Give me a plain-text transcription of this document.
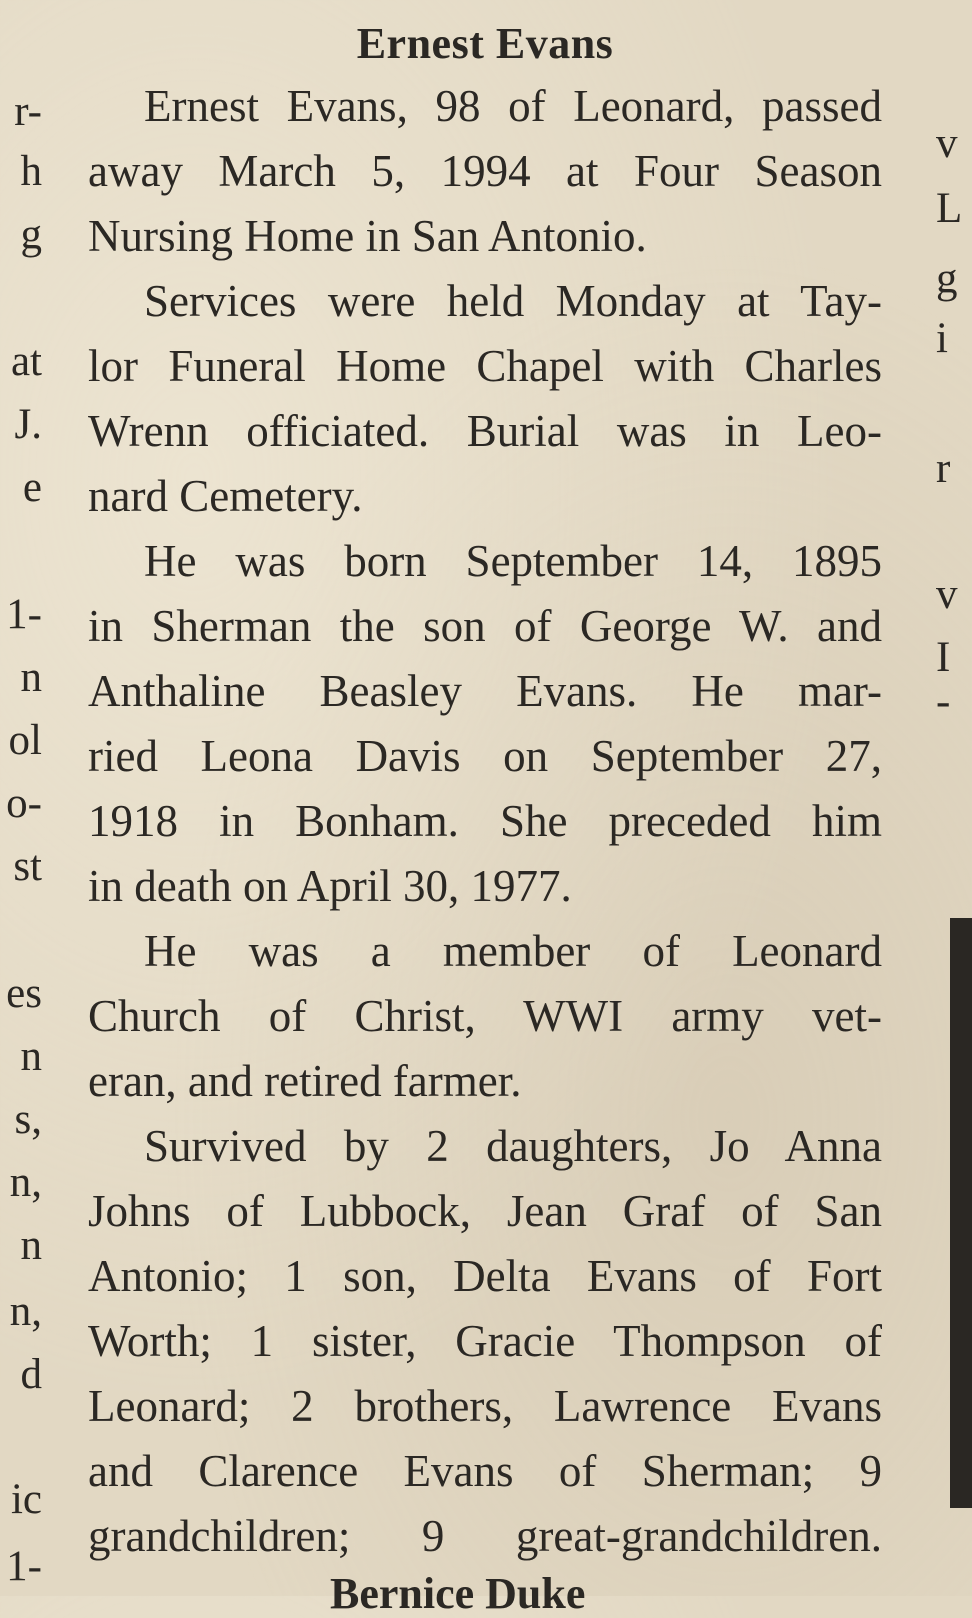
r-
h
g
at
J.
e
1-
n
ol
o-
st
es
n
s,
n,
n
n,
d
ic
1-
v
L
g
i
r
v
I
-
Ernest Evans
Ernest Evans, 98 of Leonard, passed
away March 5, 1994 at Four Season
Nursing Home in San Antonio.
Services were held Monday at Tay-
lor Funeral Home Chapel with Charles
Wrenn officiated. Burial was in Leo-
nard Cemetery.
He was born September 14, 1895
in Sherman the son of George W. and
Anthaline Beasley Evans. He mar-
ried Leona Davis on September 27,
1918 in Bonham. She preceded him
in death on April 30, 1977.
He was a member of Leonard
Church of Christ, WWI army vet-
eran, and retired farmer.
Survived by 2 daughters, Jo Anna
Johns of Lubbock, Jean Graf of San
Antonio; 1 son, Delta Evans of Fort
Worth; 1 sister, Gracie Thompson of
Leonard; 2 brothers, Lawrence Evans
and Clarence Evans of Sherman; 9
grandchildren; 9 great-grandchildren.
Bernice Duke
